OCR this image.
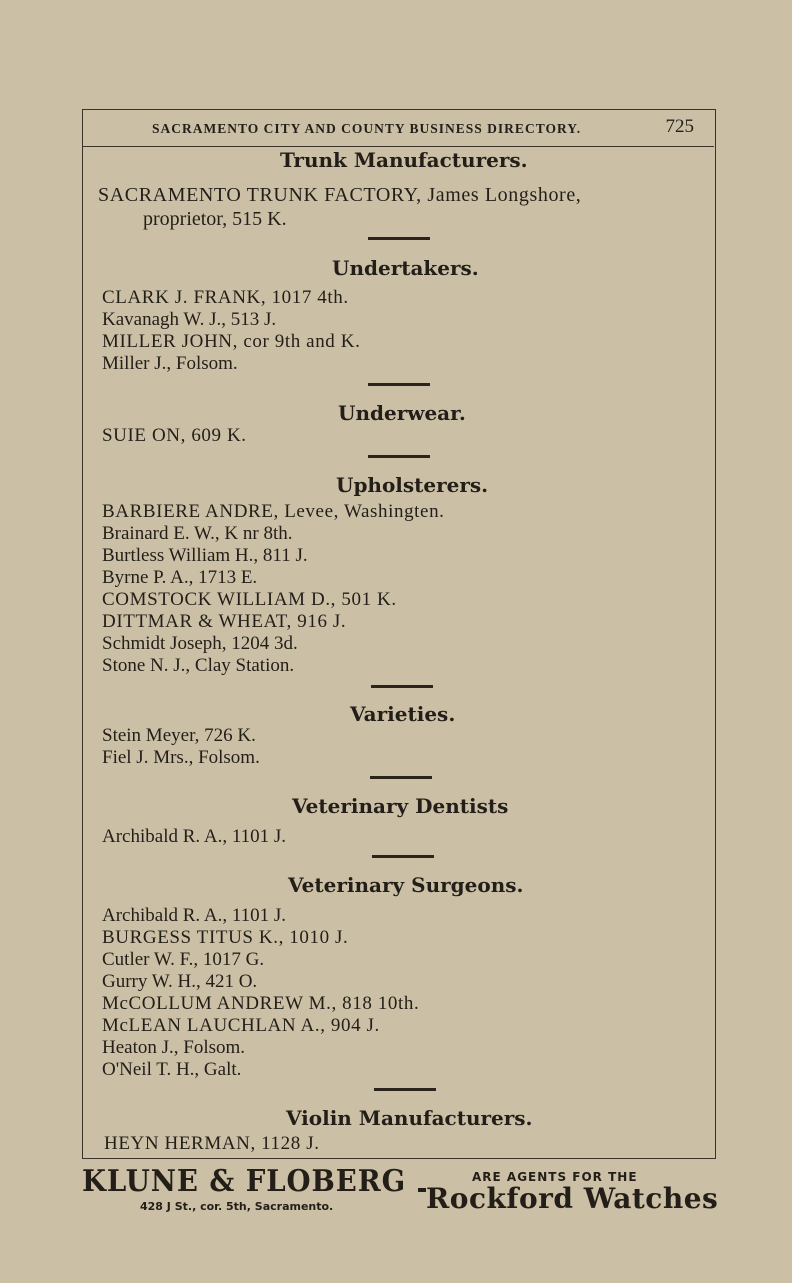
SACRAMENTO CITY AND COUNTY BUSINESS DIRECTORY.	725
Trunk Manufacturers.
SACRAMENTO TRUNK FACTORY, James Longshore,
proprietor, 515 K.
Undertakers.
CLARK J. FRANK, 1017 4th.
Kavanagh W. J., 513 J.
MILLER JOHN, cor 9th and K.
Miller J., Folsom.
Underwear.
SUIE ON, 609 K.
Upholsterers.
BARBIERE ANDRE, Levee, Washingten.
Brainard E. W., K nr 8th.
Burtless William H., 811 J.
Byrne P. A., 1713 E.
COMSTOCK WILLIAM D., 501 K.
DITTMAR & WHEAT, 916 J.
Schmidt Joseph, 1204 3d.
Stone N. J., Clay Station.
Varieties.
Stein Meyer, 726 K.
Fiel J. Mrs., Folsom.
Veterinary Dentists
Archibald R. A., 1101 J.
Veterinary Surgeons.
Archibald R. A., 1101 J.
BURGESS TITUS K., 1010 J.
Cutler W. F., 1017 G.
Gurry W. H., 421 O.
McCOLLUM ANDREW M., 818 10th.
McLEAN LAUCHLAN A., 904 J.
Heaton J., Folsom.
O'Neil T. H., Galt.
Violin Manufacturers.
HEYN HERMAN, 1128 J.
KLUNE & FLOBERG
428 J St., cor. 5th, Sacramento.
ARE AGENTS FOR THE
Rockford Watches
